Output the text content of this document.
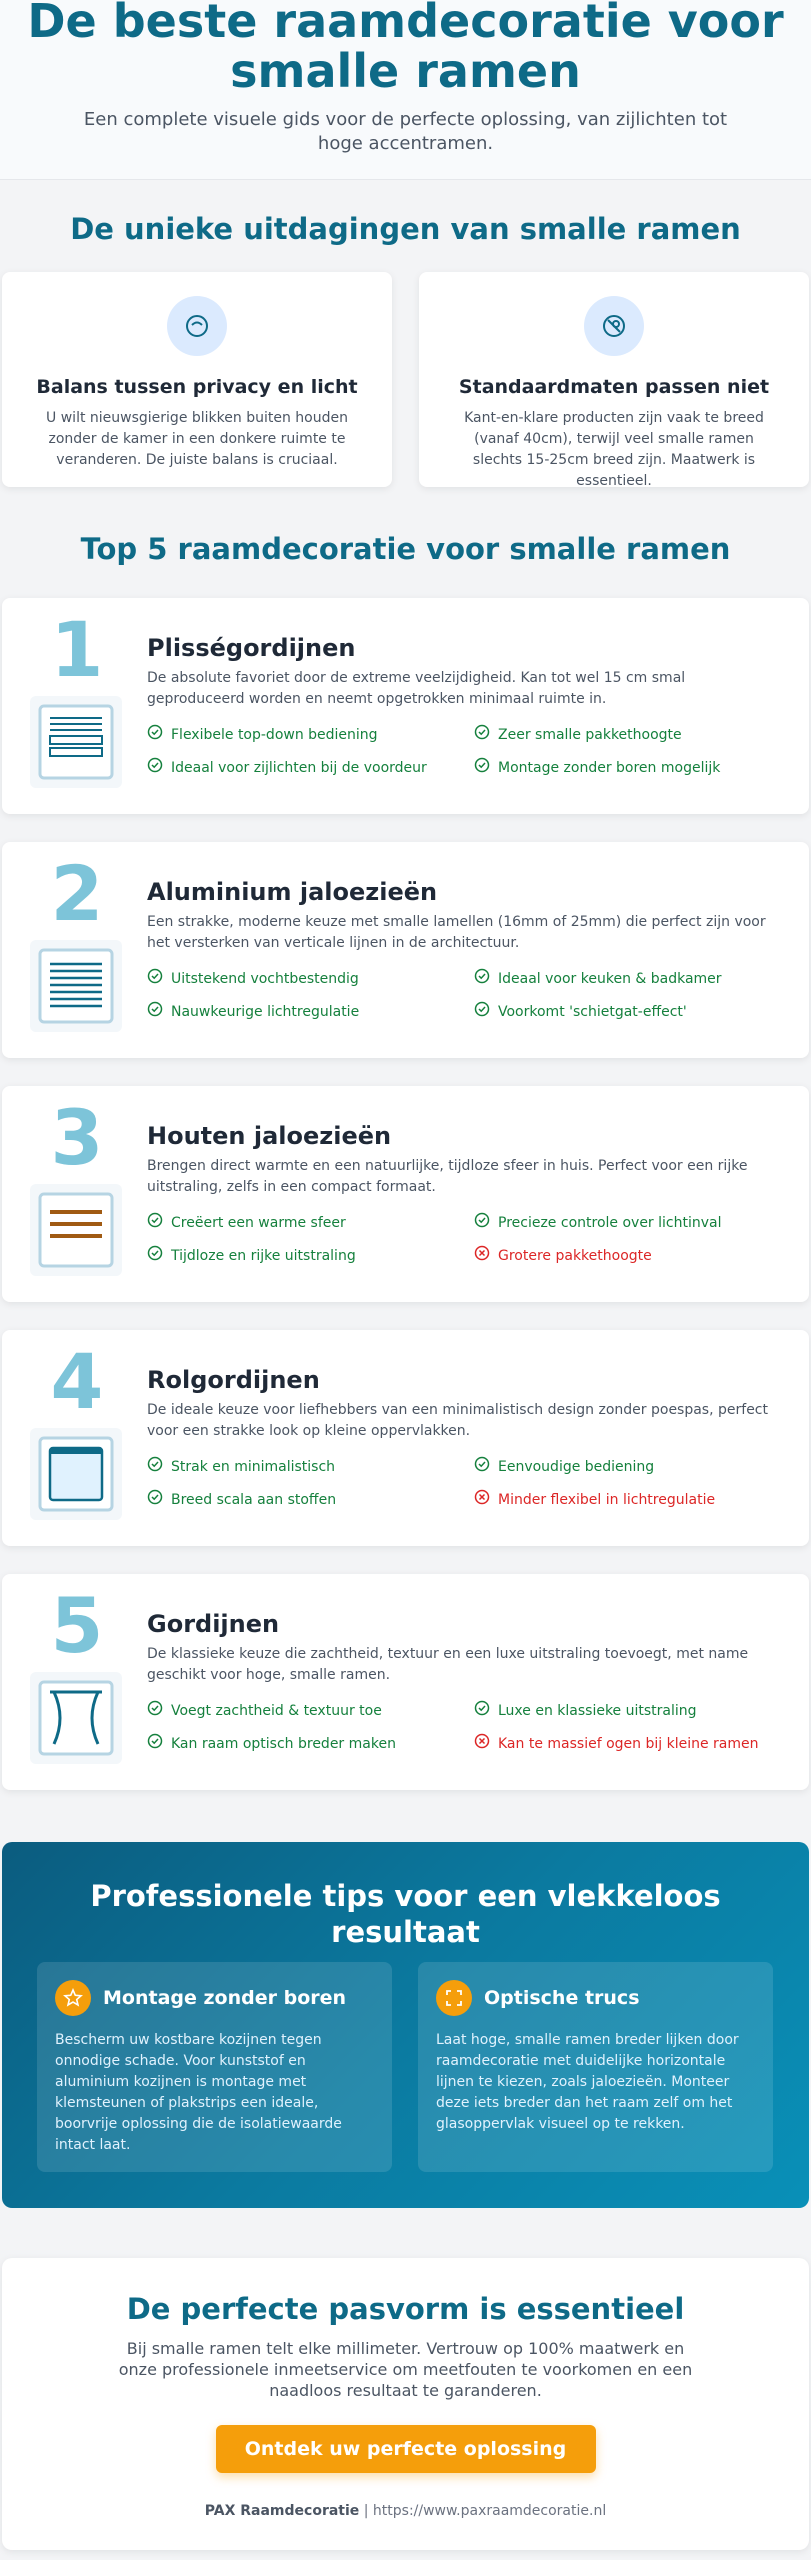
De beste raamdecoratie voor smalle ramen

Een complete visuele gids voor de perfecte oplossing, van zijlichten tot hoge accentramen.

De unieke uitdagingen van smalle ramen
Balans tussen privacy en licht

U wilt nieuwsgierige blikken buiten houden zonder de kamer in een donkere ruimte te veranderen. De juiste balans is cruciaal.

Standaardmaten passen niet

Kant-en-klare producten zijn vaak te breed (vanaf 40cm), terwijl veel smalle ramen slechts 15-25cm breed zijn. Maatwerk is essentieel.

Top 5 raamdecoratie voor smalle ramen
1	Plisségordijnen
De absolute favoriet door de extreme veelzijdigheid. Kan tot wel 15 cm smal geproduceerd worden en neemt opgetrokken minimaal ruimte in.
Flexibele top-down bediening	Zeer smalle pakkethoogte
Ideaal voor zijlichten bij de voordeur	Montage zonder boren mogelijk
2	Aluminium jaloezieën
Een strakke, moderne keuze met smalle lamellen (16mm of 25mm) die perfect zijn voor het versterken van verticale lijnen in de architectuur.
Uitstekend vochtbestendig	Ideaal voor keuken & badkamer
Nauwkeurige lichtregulatie	Voorkomt 'schietgat-effect'
3	Houten jaloezieën
Brengen direct warmte en een natuurlijke, tijdloze sfeer in huis. Perfect voor een rijke uitstraling, zelfs in een compact formaat.
Creëert een warme sfeer	Precieze controle over lichtinval
Tijdloze en rijke uitstraling	Grotere pakkethoogte
4	Rolgordijnen
De ideale keuze voor liefhebbers van een minimalistisch design zonder poespas, perfect voor een strakke look op kleine oppervlakken.
Strak en minimalistisch	Eenvoudige bediening
Breed scala aan stoffen	Minder flexibel in lichtregulatie
5	Gordijnen
De klassieke keuze die zachtheid, textuur en een luxe uitstraling toevoegt, met name geschikt voor hoge, smalle ramen.
Voegt zachtheid & textuur toe	Luxe en klassieke uitstraling
Kan raam optisch breder maken	Kan te massief ogen bij kleine ramen
Professionele tips voor een vlekkeloos resultaat
Montage zonder boren

Bescherm uw kostbare kozijnen tegen onnodige schade. Voor kunststof en aluminium kozijnen is montage met klemsteunen of plakstrips een ideale, boorvrije oplossing die de isolatiewaarde intact laat.

Optische trucs

Laat hoge, smalle ramen breder lijken door raamdecoratie met duidelijke horizontale lijnen te kiezen, zoals jaloezieën. Monteer deze iets breder dan het raam zelf om het glasoppervlak visueel op te rekken.

De perfecte pasvorm is essentieel

Bij smalle ramen telt elke millimeter. Vertrouw op 100% maatwerk en onze professionele inmeetservice om meetfouten te voorkomen en een naadloos resultaat te garanderen.

Ontdek uw perfecte oplossing
PAX Raamdecoratie | https://www.paxraamdecoratie.nl
